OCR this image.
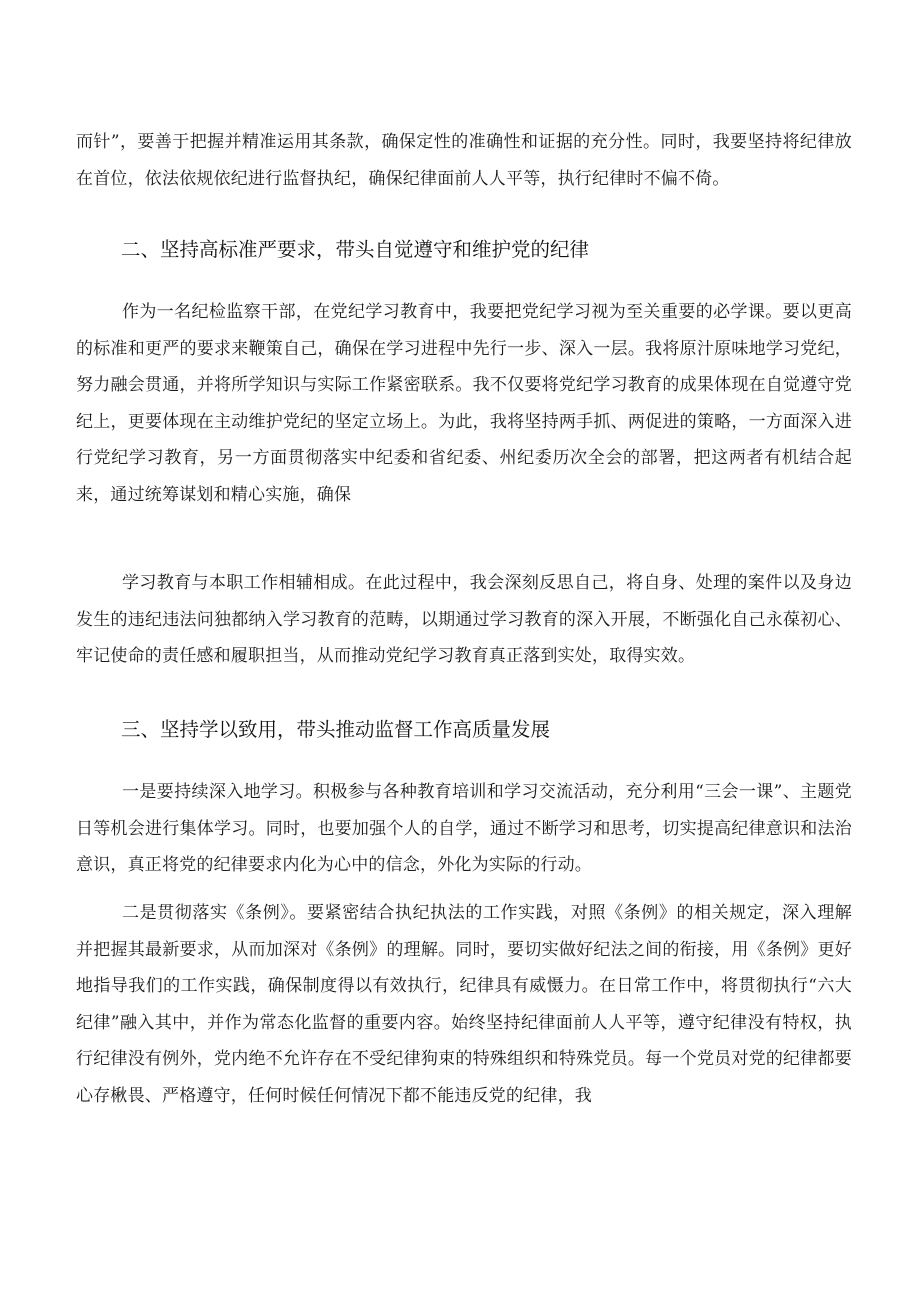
而针”，要善于把握并精准运用其条款，确保定性的准确性和证据的充分性。同时，我要坚持将纪律放在首位，依法依规依纪进行监督执纪，确保纪律面前人人平等，执行纪律时不偏不倚。

二、坚持高标准严要求，带头自觉遵守和维护党的纪律

作为一名纪检监察干部，在党纪学习教育中，我要把党纪学习视为至关重要的必学课。要以更高的标准和更严的要求来鞭策自己，确保在学习进程中先行一步、深入一层。我将原汁原味地学习党纪，努力融会贯通，并将所学知识与实际工作紧密联系。我不仅要将党纪学习教育的成果体现在自觉遵守党纪上，更要体现在主动维护党纪的坚定立场上。为此，我将坚持两手抓、两促进的策略，一方面深入进行党纪学习教育，另一方面贯彻落实中纪委和省纪委、州纪委历次全会的部署，把这两者有机结合起来，通过统筹谋划和精心实施，确保

学习教育与本职工作相辅相成。在此过程中，我会深刻反思自己，将自身、处理的案件以及身边发生的违纪违法问独都纳入学习教育的范畴，以期通过学习教育的深入开展，不断强化自己永葆初心、牢记使命的责任感和履职担当，从而推动党纪学习教育真正落到实处，取得实效。

三、坚持学以致用，带头推动监督工作高质量发展

一是要持续深入地学习。积极参与各种教育培训和学习交流活动，充分利用“三会一课”、主题党日等机会进行集体学习。同时，也要加强个人的自学，通过不断学习和思考，切实提高纪律意识和法治意识，真正将党的纪律要求内化为心中的信念，外化为实际的行动。

二是贯彻落实《条例》。要紧密结合执纪执法的工作实践，对照《条例》的相关规定，深入理解并把握其最新要求，从而加深对《条例》的理解。同时，要切实做好纪法之间的衔接，用《条例》更好地指导我们的工作实践，确保制度得以有效执行，纪律具有威慑力。在日常工作中，将贯彻执行“六大纪律”融入其中，并作为常态化监督的重要内容。始终坚持纪律面前人人平等，遵守纪律没有特权，执行纪律没有例外，党内绝不允许存在不受纪律狗束的特殊组织和特殊党员。每一个党员对党的纪律都要心存楸畏、严格遵守，任何时候任何情况下都不能违反党的纪律，我
